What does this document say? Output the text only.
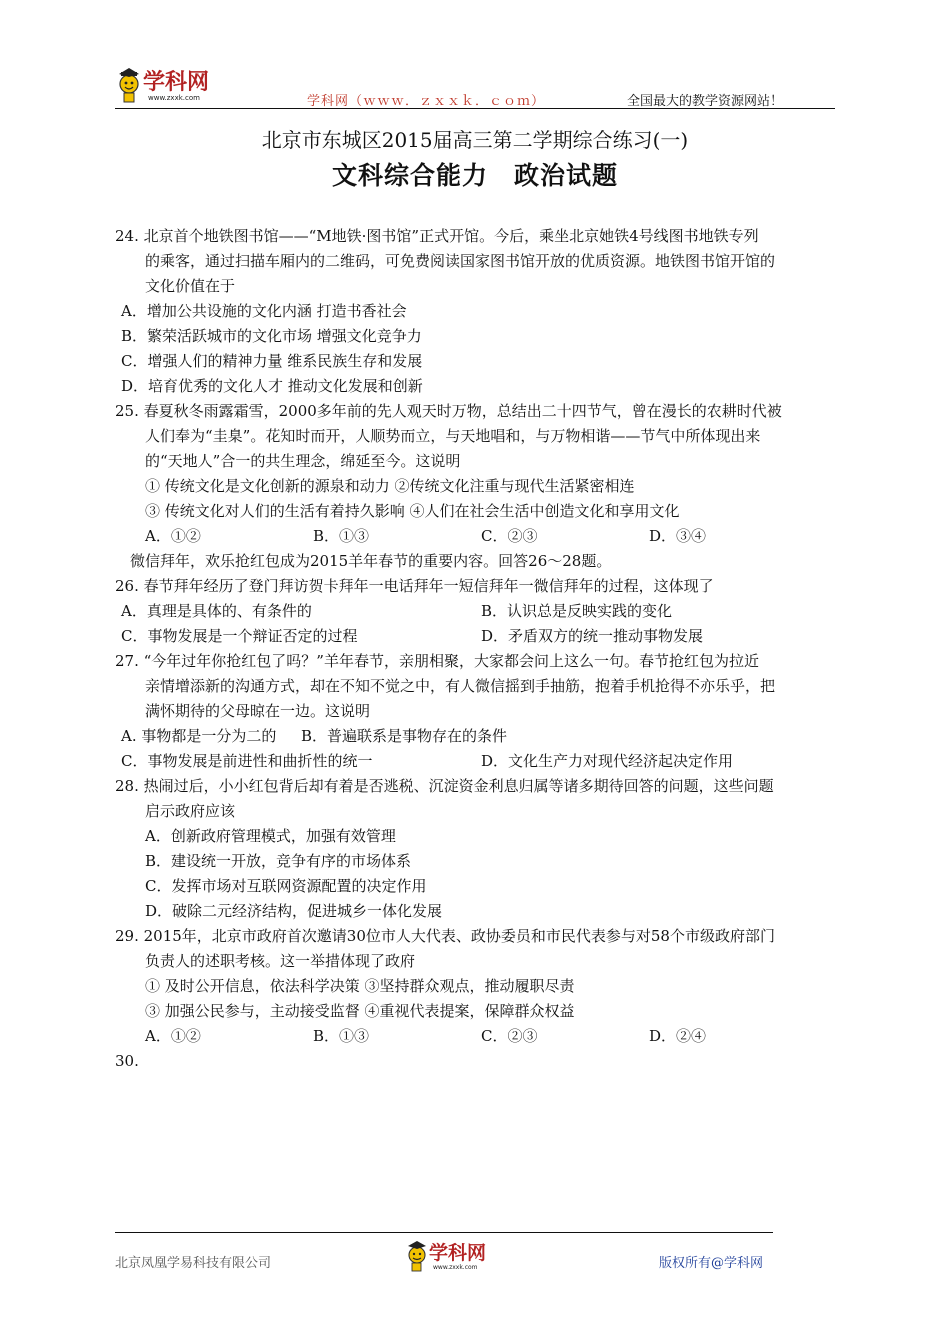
学科网
www.zxxk.com	学科网（ｗｗｗ．ｚｘｘｋ．ｃｏｍ）	全国最大的教学资源网站！
北京市东城区2015届高三第二学期综合练习(一)
文科综合能力　政治试题
24. 北京首个地铁图书馆——“M地铁·图书馆”正式开馆。今后，乘坐北京她铁4号线图书地铁专列
的乘客，通过扫描车厢内的二维码，可免费阅读国家图书馆开放的优质资源。地铁图书馆开馆的
文化价值在于
A．增加公共设施的文化内涵 打造书香社会
B．繁荣活跃城市的文化市场 增强文化竞争力
C．增强人们的精神力量 维系民族生存和发展
D．培育优秀的文化人才 推动文化发展和创新
25. 春夏秋冬雨露霜雪，2000多年前的先人观天时万物，总结出二十四节气，曾在漫长的农耕时代被
人们奉为“圭臬”。花知时而开，人顺势而立，与天地唱和，与万物相谐——节气中所体现出来
的“天地人”合一的共生理念，绵延至今。这说明
① 传统文化是文化创新的源泉和动力 ②传统文化注重与现代生活紧密相连
③ 传统文化对人们的生活有着持久影响 ④人们在社会生活中创造文化和享用文化
A．①②	B．①③	C．②③	D．③④
微信拜年，欢乐抢红包成为2015羊年春节的重要内容。回答26～28题。
26. 春节拜年经历了登门拜访贺卡拜年一电话拜年一短信拜年一微信拜年的过程，这体现了
A．真理是具体的、有条件的	B．认识总是反映实践的变化
C．事物发展是一个辩证否定的过程	D．矛盾双方的统一推动事物发展
27. “今年过年你抢红包了吗？”羊年春节，亲朋相聚，大家都会问上这么一句。春节抢红包为拉近
亲情增添新的沟通方式，却在不知不觉之中，有人微信摇到手抽筋，抱着手机抢得不亦乐乎，把
满怀期待的父母晾在一边。这说明
A. 事物都是一分为二的 B．普遍联系是事物存在的条件
C．事物发展是前进性和曲折性的统一	D．文化生产力对现代经济起决定作用
28. 热闹过后，小小红包背后却有着是否逃税、沉淀资金利息归属等诸多期待回答的问题，这些问题
启示政府应该
A．创新政府管理模式，加强有效管理
B．建设统一开放，竞争有序的市场体系
C．发挥市场对互联网资源配置的决定作用
D．破除二元经济结构，促进城乡一体化发展
29. 2015年，北京市政府首次邀请30位市人大代表、政协委员和市民代表参与对58个市级政府部门
负责人的述职考核。这一举措体现了政府
① 及时公开信息，依法科学决策 ③坚持群众观点，推动履职尽责
③ 加强公民参与，主动接受监督 ④重视代表提案，保障群众权益
A．①②	B．①③	C．②③	D．②④
30.
北京凤凰学易科技有限公司	学科网
www.zxxk.com	版权所有@学科网
